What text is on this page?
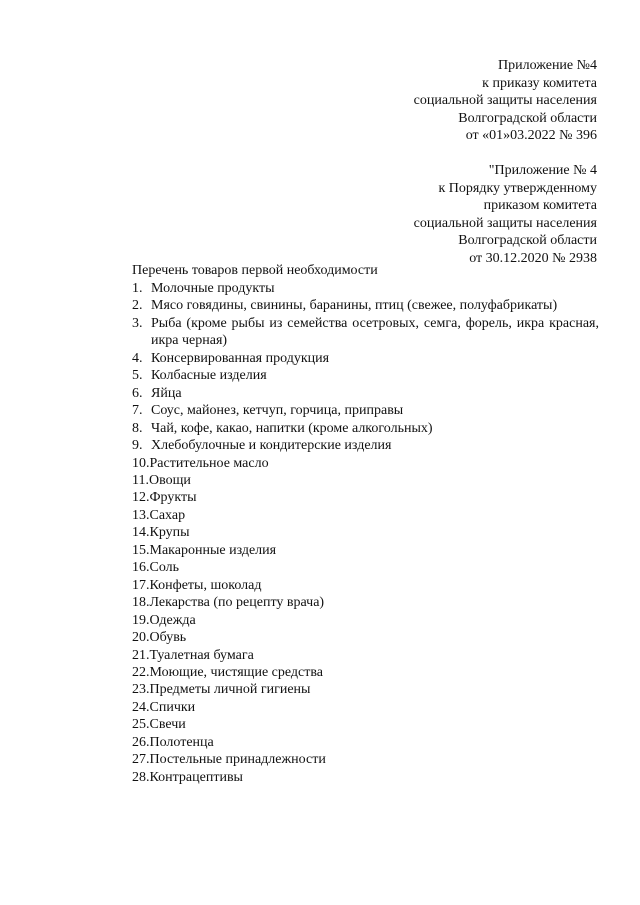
Приложение №4
к приказу комитета
социальной защиты населения
Волгоградской области
от «01»03.2022 № 396
"Приложение № 4
к Порядку утвержденному
приказом комитета
социальной защиты населения
Волгоградской области
от 30.12.2020 № 2938
Перечень товаров первой необходимости
1. Молочные продукты
2. Мясо говядины, свинины, баранины, птиц (свежее, полуфабрикаты)
3. Рыба (кроме рыбы из семейства осетровых, семга, форель, икра красная, икра черная)
4. Консервированная продукция
5. Колбасные изделия
6. Яйца
7. Соус, майонез, кетчуп, горчица, приправы
8. Чай, кофе, какао, напитки (кроме алкогольных)
9. Хлебобулочные и кондитерские изделия
10. Растительное масло
11. Овощи
12. Фрукты
13. Сахар
14. Крупы
15. Макаронные изделия
16. Соль
17. Конфеты, шоколад
18. Лекарства (по рецепту врача)
19. Одежда
20. Обувь
21. Туалетная бумага
22. Моющие, чистящие средства
23. Предметы личной гигиены
24. Спички
25. Свечи
26. Полотенца
27. Постельные принадлежности
28. Контрацептивы
